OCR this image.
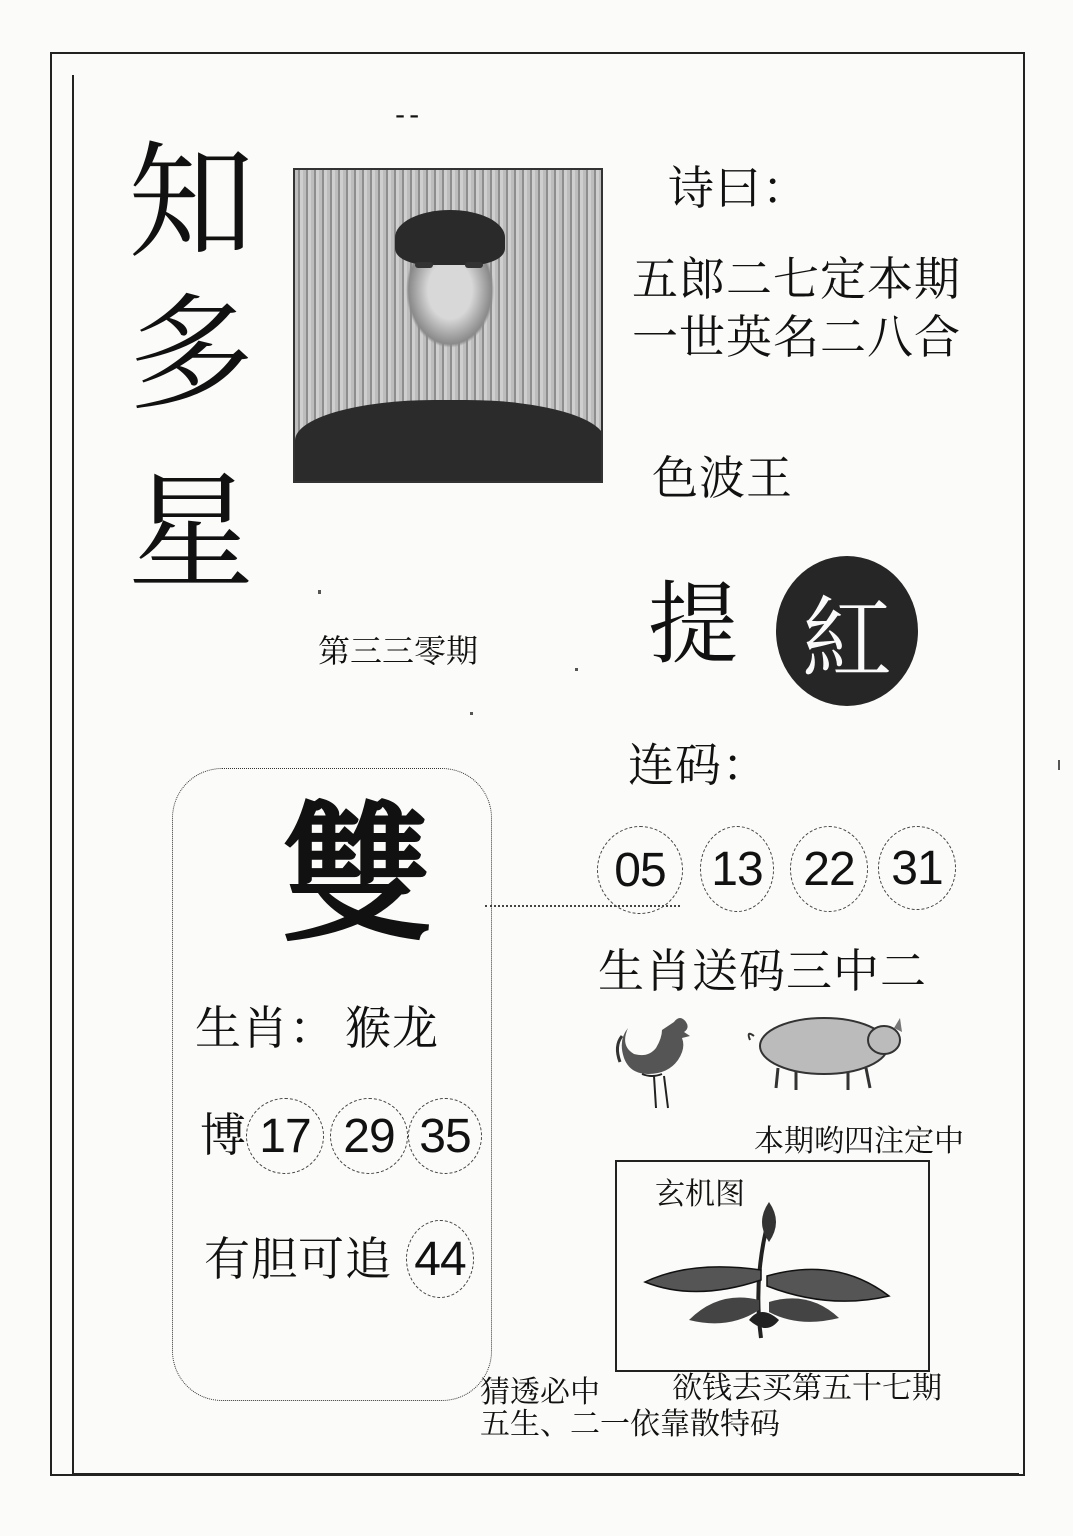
--
知
多
星
第三三零期
诗曰：
五郎二七定本期
一世英名二八合
色波王
提 紅
连码：
05 13 22 31
生肖送码三中二
本期哟四注定中
玄机图
雙
生肖： 猴龙
博 17 29 35
有胆可追 44
猜透必中 欲钱去买第五十七期
五生、二一依靠散特码
